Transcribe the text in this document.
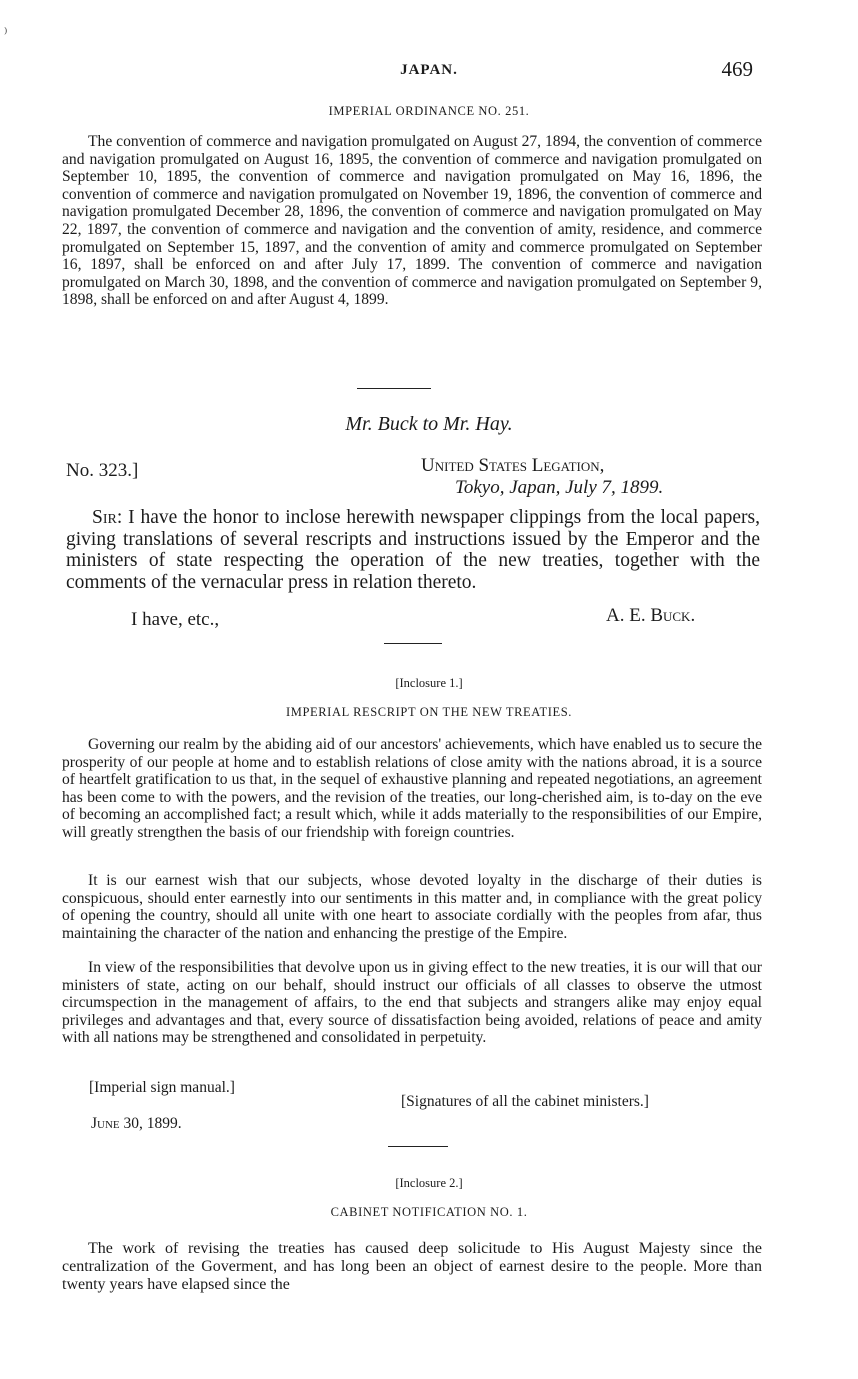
⁾
JAPAN.	469
IMPERIAL ORDINANCE NO. 251.
The convention of commerce and navigation promulgated on August 27, 1894, the convention of commerce and navigation promulgated on August 16, 1895, the convention of commerce and navigation promulgated on September 10, 1895, the convention of commerce and navigation promulgated on May 16, 1896, the convention of commerce and navigation promulgated on November 19, 1896, the convention of commerce and navigation promulgated December 28, 1896, the convention of commerce and navigation promulgated on May 22, 1897, the convention of commerce and navigation and the convention of amity, residence, and commerce promulgated on September 15, 1897, and the convention of amity and commerce promulgated on September 16, 1897, shall be enforced on and after July 17, 1899. The convention of commerce and navigation promulgated on March 30, 1898, and the convention of commerce and navigation promulgated on September 9, 1898, shall be enforced on and after August 4, 1899.
Mr. Buck to Mr. Hay.
No. 323.]	United States Legation,
Tokyo, Japan, July 7, 1899.
Sir: I have the honor to inclose herewith newspaper clippings from the local papers, giving translations of several rescripts and instructions issued by the Emperor and the ministers of state respecting the operation of the new treaties, together with the comments of the vernacular press in relation thereto.
I have, etc.,	A. E. Buck.
[Inclosure 1.]
IMPERIAL RESCRIPT ON THE NEW TREATIES.
Governing our realm by the abiding aid of our ancestors' achievements, which have enabled us to secure the prosperity of our people at home and to establish relations of close amity with the nations abroad, it is a source of heartfelt gratification to us that, in the sequel of exhaustive planning and repeated negotiations, an agreement has been come to with the powers, and the revision of the treaties, our long-cherished aim, is to-day on the eve of becoming an accomplished fact; a result which, while it adds materially to the responsibilities of our Empire, will greatly strengthen the basis of our friendship with foreign countries.
It is our earnest wish that our subjects, whose devoted loyalty in the discharge of their duties is conspicuous, should enter earnestly into our sentiments in this matter and, in compliance with the great policy of opening the country, should all unite with one heart to associate cordially with the peoples from afar, thus maintaining the character of the nation and enhancing the prestige of the Empire.
In view of the responsibilities that devolve upon us in giving effect to the new treaties, it is our will that our ministers of state, acting on our behalf, should instruct our officials of all classes to observe the utmost circumspection in the management of affairs, to the end that subjects and strangers alike may enjoy equal privileges and advantages and that, every source of dissatisfaction being avoided, relations of peace and amity with all nations may be strengthened and consolidated in perpetuity.
[Imperial sign manual.]
[Signatures of all the cabinet ministers.]
June 30, 1899.
[Inclosure 2.]
CABINET NOTIFICATION NO. 1.
The work of revising the treaties has caused deep solicitude to His August Majesty since the centralization of the Goverment, and has long been an object of earnest desire to the people. More than twenty years have elapsed since the
